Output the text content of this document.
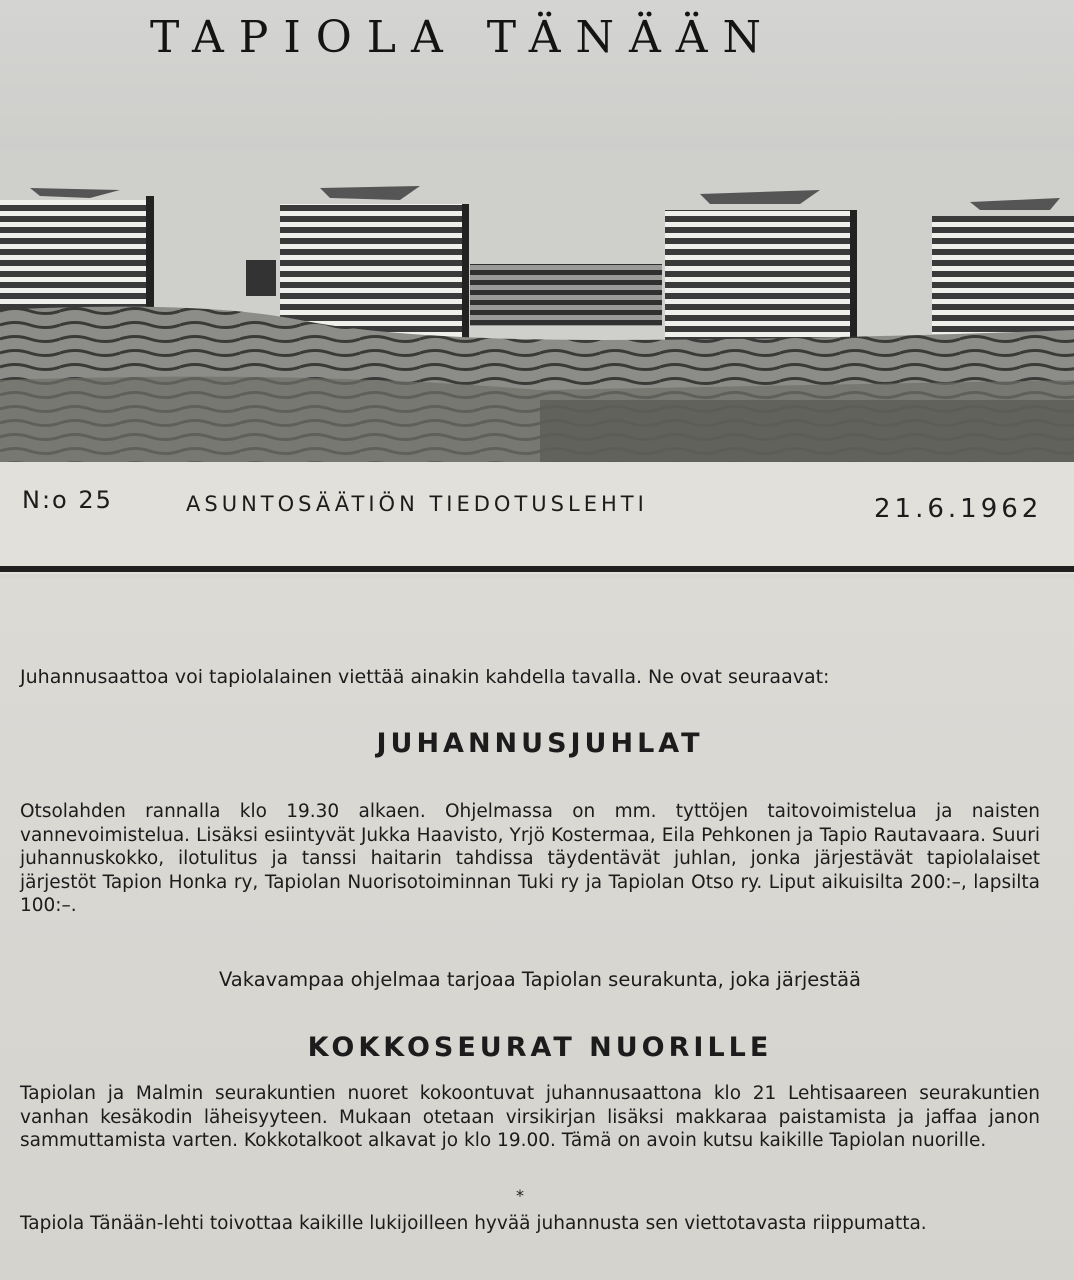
TAPIOLA TÄNÄÄN
N:o 25	ASUNTOSÄÄTIÖN TIEDOTUSLEHTI	21.6.1962
Juhannusaattoa voi tapiolalainen viettää ainakin kahdella tavalla. Ne ovat seuraavat:
JUHANNUSJUHLAT
Otsolahden rannalla klo 19.30 alkaen. Ohjelmassa on mm. tyttöjen taitovoimistelua ja naisten vannevoimistelua. Lisäksi esiintyvät Jukka Haavisto, Yrjö Kostermaa, Eila Pehkonen ja Tapio Rautavaara. Suuri juhannuskokko, ilotulitus ja tanssi haitarin tahdissa täydentävät juhlan, jonka järjestävät tapiolalaiset järjestöt Tapion Honka ry, Tapiolan Nuorisotoiminnan Tuki ry ja Tapiolan Otso ry. Liput aikuisilta 200:–, lapsilta 100:–.
Vakavampaa ohjelmaa tarjoaa Tapiolan seurakunta, joka järjestää
KOKKOSEURAT NUORILLE
Tapiolan ja Malmin seurakuntien nuoret kokoontuvat juhannusaattona klo 21 Lehtisaareen seurakuntien vanhan kesäkodin läheisyyteen. Mukaan otetaan virsikirjan lisäksi makkaraa paistamista ja jaffaa janon sammuttamista varten. Kokkotalkoot alkavat jo klo 19.00. Tämä on avoin kutsu kaikille Tapiolan nuorille.
*
Tapiola Tänään-lehti toivottaa kaikille lukijoilleen hyvää juhannusta sen viettotavasta riippumatta.
